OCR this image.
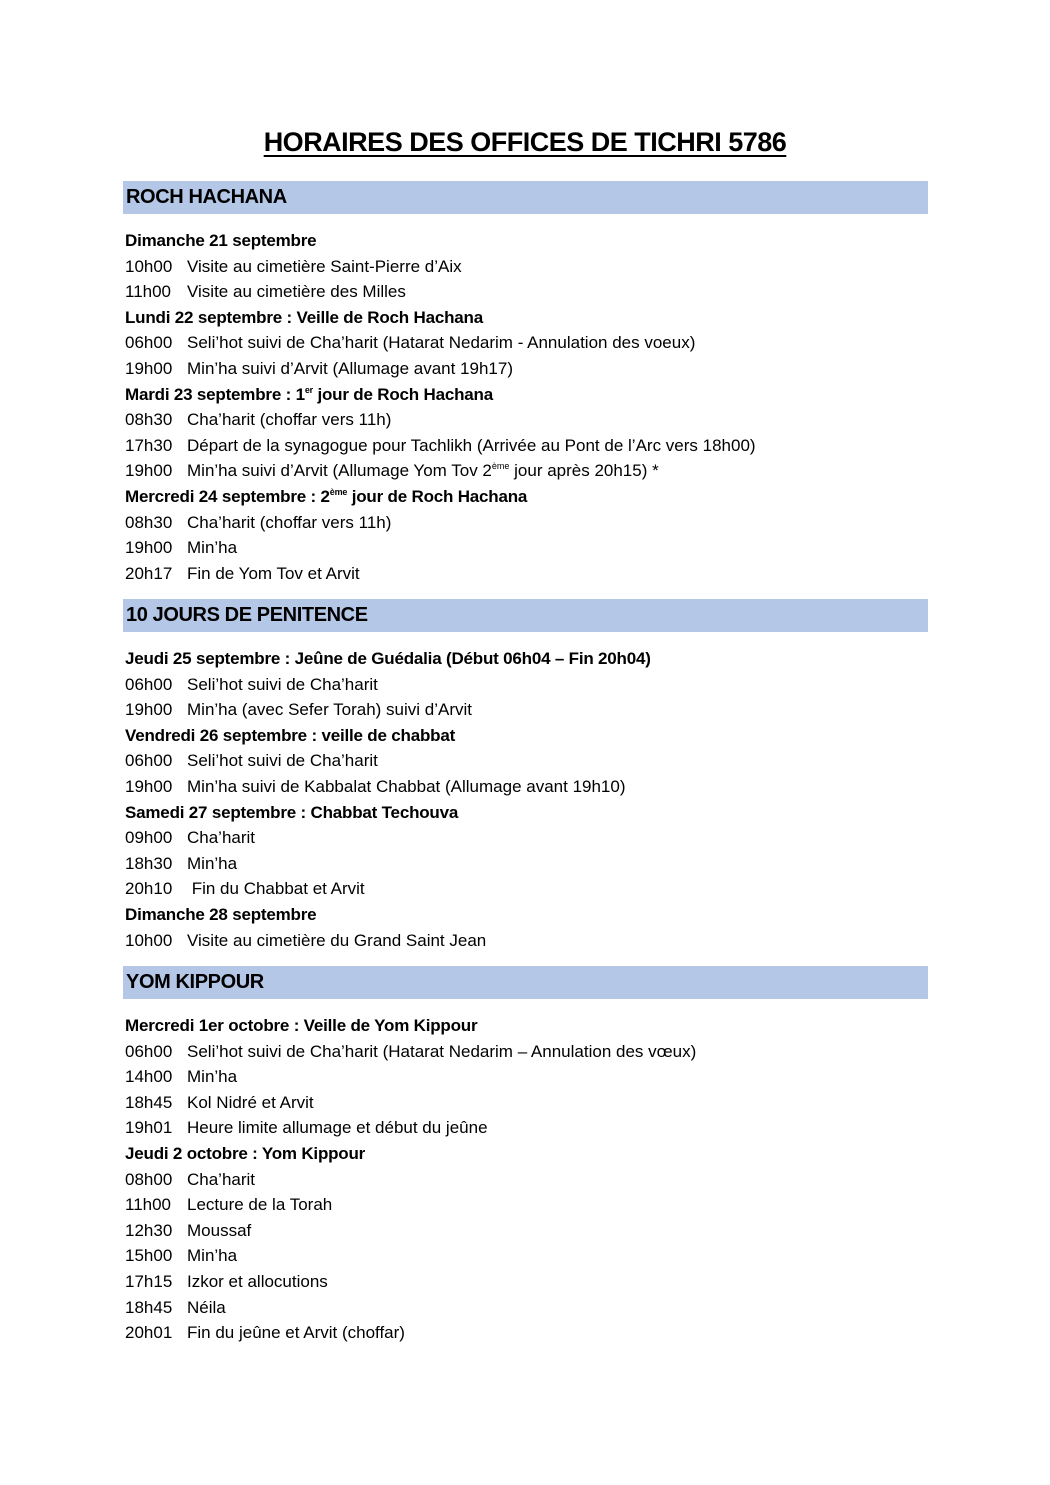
HORAIRES DES OFFICES DE TICHRI 5786
ROCH HACHANA
Dimanche 21 septembre
10h00 Visite au cimetière Saint-Pierre d’Aix
11h00 Visite au cimetière des Milles
Lundi 22 septembre : Veille de Roch Hachana
06h00 Seli’hot suivi de Cha’harit (Hatarat Nedarim - Annulation des voeux)
19h00 Min’ha suivi d’Arvit (Allumage avant 19h17)
Mardi 23 septembre : 1er jour de Roch Hachana
08h30 Cha’harit (choffar vers 11h)
17h30 Départ de la synagogue pour Tachlikh (Arrivée au Pont de l’Arc vers 18h00)
19h00 Min’ha suivi d’Arvit (Allumage Yom Tov 2ème jour après 20h15) *
Mercredi 24 septembre : 2ème jour de Roch Hachana
08h30 Cha’harit (choffar vers 11h)
19h00 Min’ha
20h17 Fin de Yom Tov et Arvit
10 JOURS DE PENITENCE
Jeudi 25 septembre : Jeûne de Guédalia (Début 06h04 – Fin 20h04)
06h00 Seli’hot suivi de Cha’harit
19h00 Min’ha (avec Sefer Torah) suivi d’Arvit
Vendredi 26 septembre : veille de chabbat
06h00 Seli’hot suivi de Cha’harit
19h00 Min’ha suivi de Kabbalat Chabbat (Allumage avant 19h10)
Samedi 27 septembre : Chabbat Techouva
09h00 Cha’harit
18h30 Min’ha
20h10 Fin du Chabbat et Arvit
Dimanche 28 septembre
10h00 Visite au cimetière du Grand Saint Jean
YOM KIPPOUR
Mercredi 1er octobre : Veille de Yom Kippour
06h00 Seli’hot suivi de Cha’harit (Hatarat Nedarim – Annulation des vœux)
14h00 Min’ha
18h45 Kol Nidré et Arvit
19h01 Heure limite allumage et début du jeûne
Jeudi 2 octobre : Yom Kippour
08h00 Cha’harit
11h00 Lecture de la Torah
12h30 Moussaf
15h00 Min’ha
17h15 Izkor et allocutions
18h45 Néila
20h01 Fin du jeûne et Arvit (choffar)
